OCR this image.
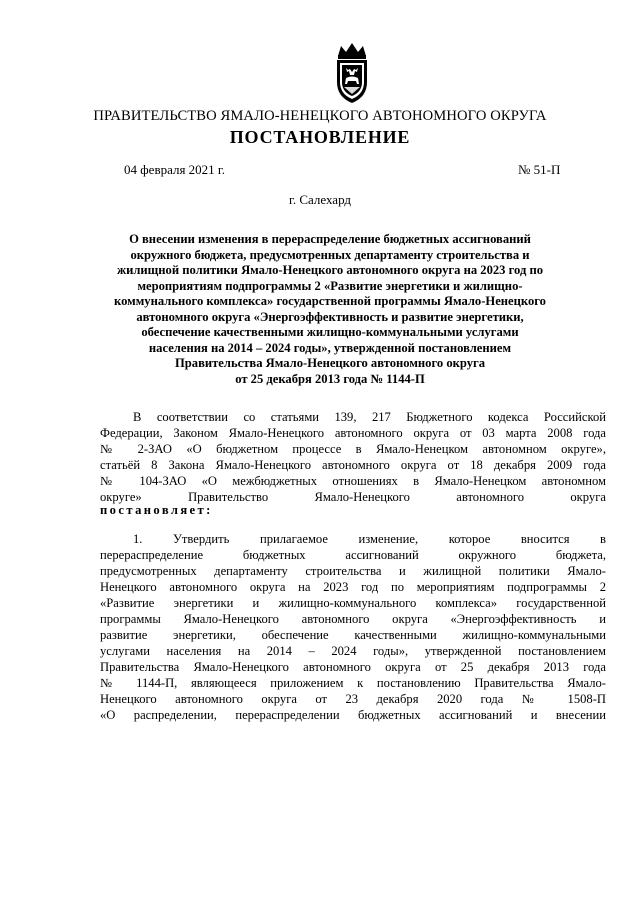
ПРАВИТЕЛЬСТВО ЯМАЛО-НЕНЕЦКОГО АВТОНОМНОГО ОКРУГА
ПОСТАНОВЛЕНИЕ
04 февраля 2021 г.	№ 51-П
г. Салехард
О внесении изменения в перераспределение бюджетных ассигнований
окружного бюджета, предусмотренных департаменту строительства и
жилищной политики Ямало-Ненецкого автономного округа на 2023 год по
мероприятиям подпрограммы 2 «Развитие энергетики и жилищно-
коммунального комплекса» государственной программы Ямало-Ненецкого
автономного округа «Энергоэффективность и развитие энергетики,
обеспечение качественными жилищно-коммунальными услугами
населения на 2014 – 2024 годы», утвержденной постановлением
Правительства Ямало-Ненецкого автономного округа
от 25 декабря 2013 года № 1144-П
В соответствии со статьями 139, 217 Бюджетного кодекса Российской
Федерации, Законом Ямало-Ненецкого автономного округа от 03 марта 2008 года
№ 2-ЗАО «О бюджетном процессе в Ямало-Ненецком автономном округе»,
статьёй 8 Закона Ямало-Ненецкого автономного округа от 18 декабря 2009 года
№ 104-ЗАО «О межбюджетных отношениях в Ямало-Ненецком автономном
округе» Правительство Ямало-Ненецкого автономного округа
постановляет:
1. Утвердить прилагаемое изменение, которое вносится в
перераспределение бюджетных ассигнований окружного бюджета,
предусмотренных департаменту строительства и жилищной политики Ямало-
Ненецкого автономного округа на 2023 год по мероприятиям подпрограммы 2
«Развитие энергетики и жилищно-коммунального комплекса» государственной
программы Ямало-Ненецкого автономного округа «Энергоэффективность и
развитие энергетики, обеспечение качественными жилищно-коммунальными
услугами населения на 2014 – 2024 годы», утвержденной постановлением
Правительства Ямало-Ненецкого автономного округа от 25 декабря 2013 года
№ 1144-П, являющееся приложением к постановлению Правительства Ямало-
Ненецкого автономного округа от 23 декабря 2020 года № 1508-П
«О распределении, перераспределении бюджетных ассигнований и внесении
